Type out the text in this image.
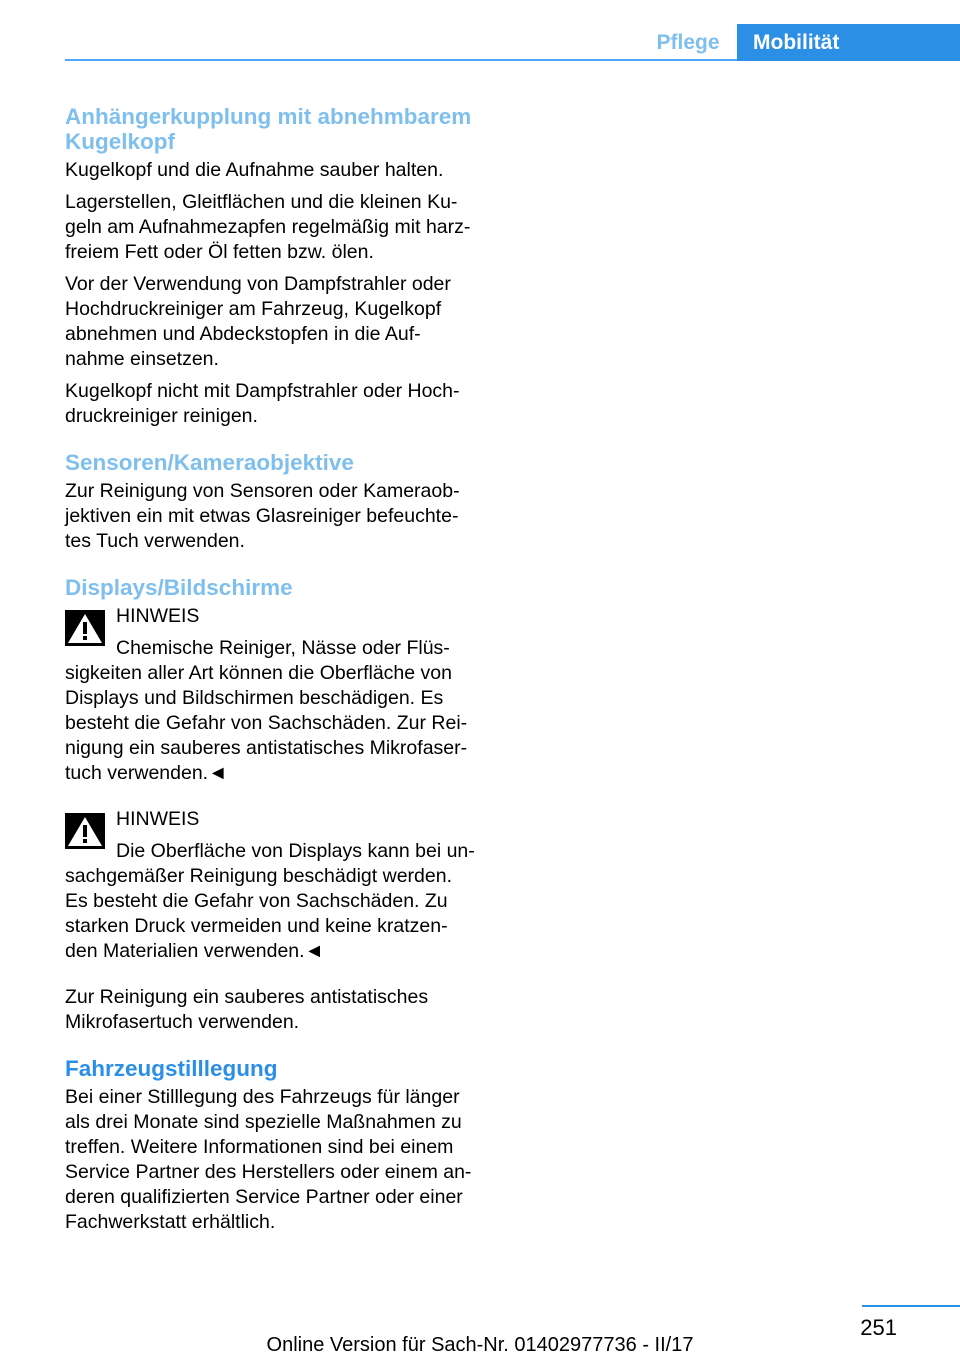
Pflege	Mobilität
Anhängerkupplung mit abnehmbarem
Kugelkopf

Kugelkopf und die Aufnahme sauber halten.

Lagerstellen, Gleitflächen und die kleinen Ku-
geln am Aufnahmezapfen regelmäßig mit harz-
freiem Fett oder Öl fetten bzw. ölen.

Vor der Verwendung von Dampfstrahler oder
Hochdruckreiniger am Fahrzeug, Kugelkopf
abnehmen und Abdeckstopfen in die Auf-
nahme einsetzen.

Kugelkopf nicht mit Dampfstrahler oder Hoch-
druckreiniger reinigen.

Sensoren/Kameraobjektive

Zur Reinigung von Sensoren oder Kameraob-
jektiven ein mit etwas Glasreiniger befeuchte-
tes Tuch verwenden.

Displays/Bildschirme

HINWEIS

Chemische Reiniger, Nässe oder Flüs-
sigkeiten aller Art können die Oberfläche von
Displays und Bildschirmen beschädigen. Es
besteht die Gefahr von Sachschäden. Zur Rei-
nigung ein sauberes antistatisches Mikrofaser-
tuch verwenden.◄

HINWEIS

Die Oberfläche von Displays kann bei un-
sachgemäßer Reinigung beschädigt werden.
Es besteht die Gefahr von Sachschäden. Zu
starken Druck vermeiden und keine kratzen-
den Materialien verwenden.◄

Zur Reinigung ein sauberes antistatisches
Mikrofasertuch verwenden.

Fahrzeugstilllegung

Bei einer Stilllegung des Fahrzeugs für länger
als drei Monate sind spezielle Maßnahmen zu
treffen. Weitere Informationen sind bei einem
Service Partner des Herstellers oder einem an-
deren qualifizierten Service Partner oder einer
Fachwerkstatt erhältlich.

251
Online Version für Sach-Nr. 01402977736 - II/17
